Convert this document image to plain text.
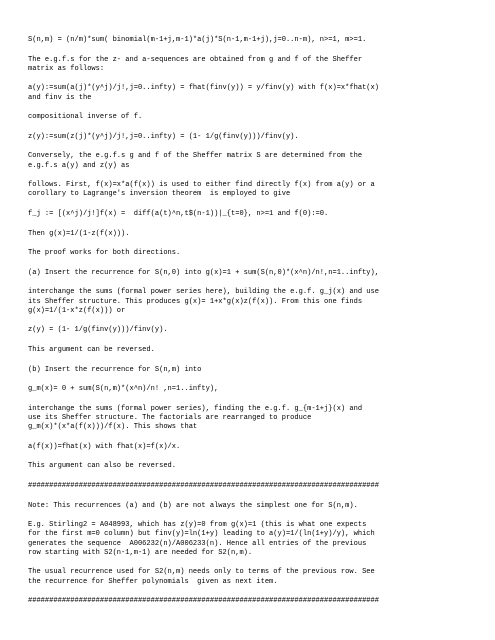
S(n,m) = (n/m)*sum( binomial(m-1+j,m-1)*a(j)*S(n-1,m-1+j),j=0..n-m), n>=1, m>=1.
The e.g.f.s for the z- and a-sequences are obtained from g and f of the Sheffer
matrix as follows:
a(y):=sum(a(j)*(y^j)/j!,j=0..infty) = fhat(finv(y)) = y/finv(y) with f(x)=x*fhat(x)
and finv is the
compositional inverse of f.
z(y):=sum(z(j)*(y^j)/j!,j=0..infty) = (1- 1/g(finv(y)))/finv(y).
Conversely, the e.g.f.s g and f of the Sheffer matrix S are determined from the
e.g.f.s a(y) and z(y) as
follows. First, f(x)=x*a(f(x)) is used to either find directly f(x) from a(y) or a
corollary to Lagrange's inversion theorem  is employed to give
f_j := [(x^j)/j!]f(x) =  diff(a(t)^n,t$(n-1))|_{t=0}, n>=1 and f(0):=0.
Then g(x)=1/(1-z(f(x))).
The proof works for both directions.
(a) Insert the recurrence for S(n,0) into g(x)=1 + sum(S(n,0)*(x^n)/n!,n=1..infty),
interchange the sums (formal power series here), building the e.g.f. g_j(x) and use
its Sheffer structure. This produces g(x)= 1+x*g(x)z(f(x)). From this one finds
g(x)=1/(1-x*z(f(x))) or
z(y) = (1- 1/g(finv(y)))/finv(y).
This argument can be reversed.
(b) Insert the recurrence for S(n,m) into
g_m(x)= 0 + sum(S(n,m)*(x^n)/n! ,n=1..infty),
interchange the sums (formal power series), finding the e.g.f. g_{m-1+j}(x) and
use its Sheffer structure. The factorials are rearranged to produce
g_m(x)*(x*a(f(x)))/f(x). This shows that
a(f(x))=fhat(x) with fhat(x)=f(x)/x.
This argument can also be reversed.
###################################################################################
Note: This recurrences (a) and (b) are not always the simplest one for S(n,m).
E.g. Stirling2 = A048993, which has z(y)=0 from g(x)=1 (this is what one expects
for the first m=0 column) but finv(y)=ln(1+y) leading to a(y)=1/(ln(1+y)/y), which
generates the sequence  A006232(n)/A006233(n). Hence all entries of the previous
row starting with S2(n-1,m-1) are needed for S2(n,m).
The usual recurrence used for S2(n,m) needs only to terms of the previous row. See
the recurrence for Sheffer polynomials  given as next item.
###################################################################################
